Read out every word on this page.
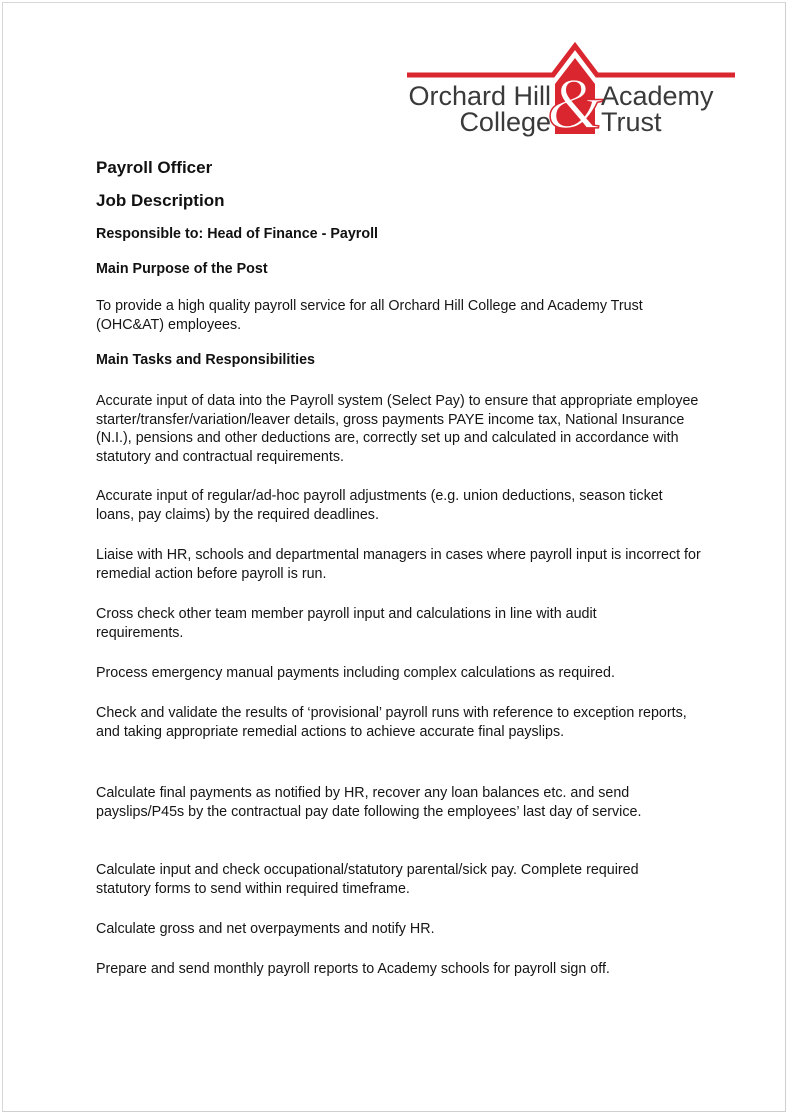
Orchard Hill
College
&
Academy
Trust
Payroll Officer
Job Description
Responsible to: Head of Finance - Payroll
Main Purpose of the Post
To provide a high quality payroll service for all Orchard Hill College and Academy Trust (OHC&AT) employees.
Main Tasks and Responsibilities
Accurate input of data into the Payroll system (Select Pay) to ensure that appropriate employee starter/transfer/variation/leaver details, gross payments PAYE income tax, National Insurance (N.I.), pensions and other deductions are, correctly set up and calculated in accordance with statutory and contractual requirements.
Accurate input of regular/ad-hoc payroll adjustments (e.g. union deductions, season ticket loans, pay claims) by the required deadlines.
Liaise with HR, schools and departmental managers in cases where payroll input is incorrect for remedial action before payroll is run.
Cross check other team member payroll input and calculations in line with audit requirements.
Process emergency manual payments including complex calculations as required.
Check and validate the results of ‘provisional’ payroll runs with reference to exception reports, and taking appropriate remedial actions to achieve accurate final payslips.
Calculate final payments as notified by HR, recover any loan balances etc. and send payslips/P45s by the contractual pay date following the employees’ last day of service.
Calculate input and check occupational/statutory parental/sick pay. Complete required statutory forms to send within required timeframe.
Calculate gross and net overpayments and notify HR.
Prepare and send monthly payroll reports to Academy schools for payroll sign off.
